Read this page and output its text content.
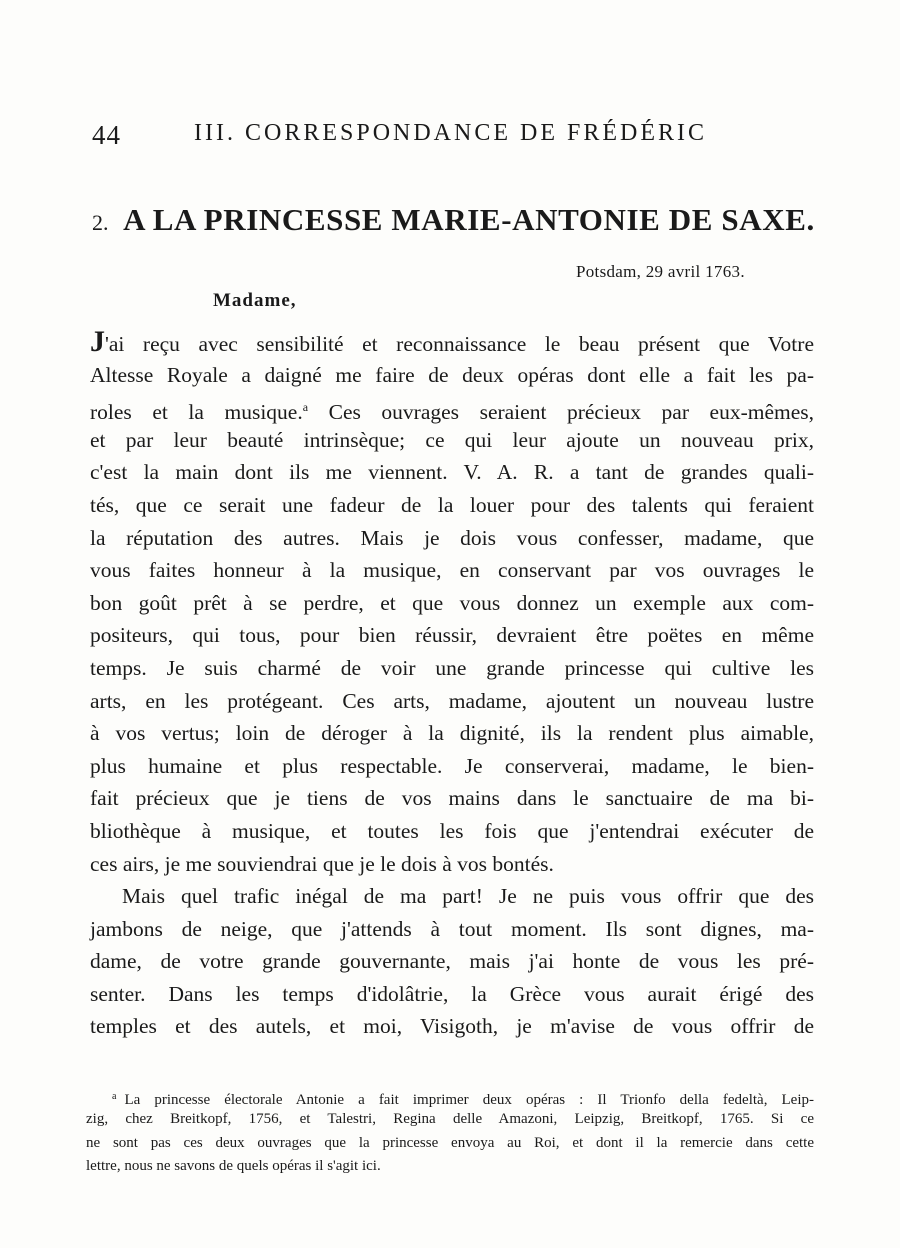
44	III. CORRESPONDANCE DE FRÉDÉRIC
2. A LA PRINCESSE MARIE-ANTONIE DE SAXE.
Potsdam, 29 avril 1763.
Madame,
J'ai reçu avec sensibilité et reconnaissance le beau présent que Votre
Altesse Royale a daigné me faire de deux opéras dont elle a fait les pa-
roles et la musique.$^a$ Ces ouvrages seraient précieux par eux-mêmes,
et par leur beauté intrinsèque; ce qui leur ajoute un nouveau prix,
c'est la main dont ils me viennent. V. A. R. a tant de grandes quali-
tés, que ce serait une fadeur de la louer pour des talents qui feraient
la réputation des autres. Mais je dois vous confesser, madame, que
vous faites honneur à la musique, en conservant par vos ouvrages le
bon goût prêt à se perdre, et que vous donnez un exemple aux com-
positeurs, qui tous, pour bien réussir, devraient être poëtes en même
temps. Je suis charmé de voir une grande princesse qui cultive les
arts, en les protégeant. Ces arts, madame, ajoutent un nouveau lustre
à vos vertus; loin de déroger à la dignité, ils la rendent plus aimable,
plus humaine et plus respectable. Je conserverai, madame, le bien-
fait précieux que je tiens de vos mains dans le sanctuaire de ma bi-
bliothèque à musique, et toutes les fois que j'entendrai exécuter de
ces airs, je me souviendrai que je le dois à vos bontés.
Mais quel trafic inégal de ma part! Je ne puis vous offrir que des
jambons de neige, que j'attends à tout moment. Ils sont dignes, ma-
dame, de votre grande gouvernante, mais j'ai honte de vous les pré-
senter. Dans les temps d'idolâtrie, la Grèce vous aurait érigé des
temples et des autels, et moi, Visigoth, je m'avise de vous offrir de
$^a$ La princesse électorale Antonie a fait imprimer deux opéras : Il Trionfo della fedeltà, Leip-
zig, chez Breitkopf, 1756, et Talestri, Regina delle Amazoni, Leipzig, Breitkopf, 1765. Si ce
ne sont pas ces deux ouvrages que la princesse envoya au Roi, et dont il la remercie dans cette
lettre, nous ne savons de quels opéras il s'agit ici.
